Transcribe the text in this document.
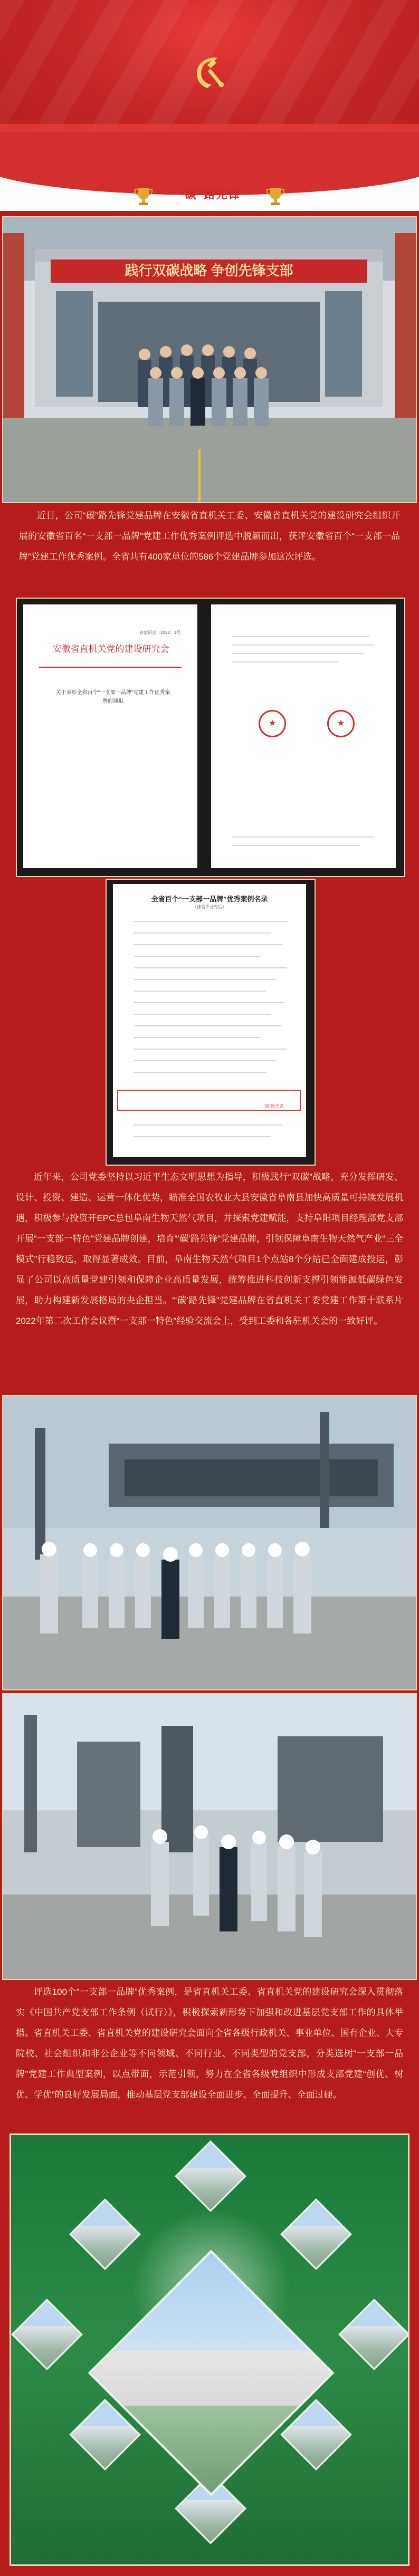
“碳”路先锋
践行双碳战略 争创先锋支部

近日，公司“碳”路先锋党建品牌在安徽省直机关工委、安徽省直机关党的建设研究会组织开展的安徽省百名“一支部一品牌”党建工作优秀案例评选中脱颖而出，获评安徽省百个“一支部一品牌”党建工作优秀案例。全省共有400家单位的586个党建品牌参加这次评选。

省建研会〔2022〕1号
安徽省直机关党的建设研究会
关于表彰全省百个“一支部一品牌”党建工作优秀案例的通报
★
★
全省百个“一支部一品牌”优秀案例名录
（排名不分先后）
“碳”路先锋

近年来，公司党委坚持以习近平生态文明思想为指导，积极践行“双碳”战略，充分发挥研发、设计、投资、建造、运营一体化优势，瞄准全国农牧业大县安徽省阜南县加快高质量可持续发展机遇，积极参与投资开EPC总包阜南生物天然气项目，并探索党建赋能，支持阜阳项目经理部党支部开展“一支部一特色”党建品牌创建，培育“‘碳’路先锋”党建品牌，引领保障阜南生物天然气产业“三全模式”行稳致远，取得显著成效。目前，阜南生物天然气项目1个点站8个分站已全面建成投运，彰显了公司以高质量党建引领和保障企业高质量发展，统筹推进科技创新支撑引领能源低碳绿色发展，助力构建新发展格局的央企担当。“‘碳’路先锋”党建品牌在省直机关工委党建工作第十联系片2022年第二次工作会议暨“一支部一特色”经验交流会上，受到工委和各驻机关会的一致好评。

评选100个“一支部一品牌”优秀案例，是省直机关工委、省直机关党的建设研究会深入贯彻落实《中国共产党支部工作条例（试行）》，积极探索新形势下加强和改进基层党支部工作的具体举措。省直机关工委、省直机关党的建设研究会面向全省各级行政机关、事业单位、国有企业、大专院校、社会组织和非公企业等不同领域、不同行业、不同类型的党支部，分类选树“一支部一品牌”党建工作典型案例，以点带面，示范引领，努力在全省各级党组织中形成支部党建“创优、树优、学优”的良好发展局面，推动基层党支部建设全面进步、全面提升、全面过硬。
